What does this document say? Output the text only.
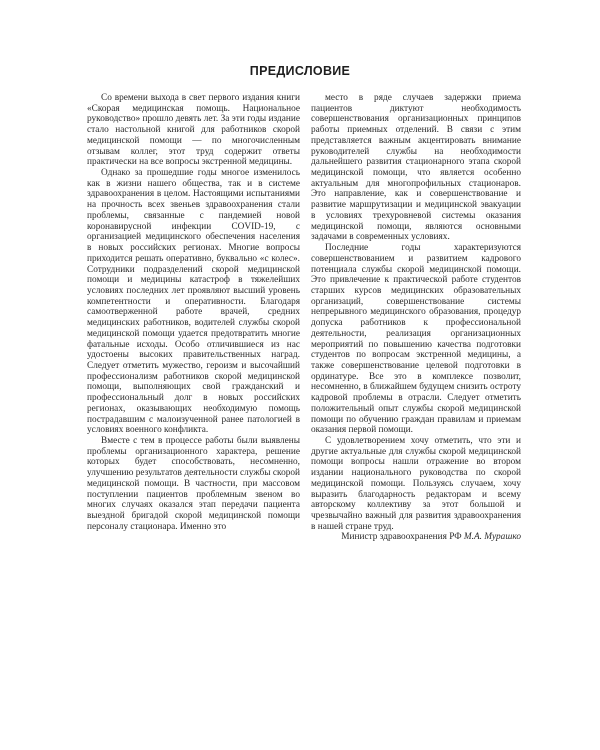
ПРЕДИСЛОВИЕ

Со времени выхода в свет первого издания книги «Скорая медицинская помощь. Национальное руководство» прошло девять лет. За эти годы издание стало настольной книгой для работников скорой медицинской помощи — по многочисленным отзывам коллег, этот труд содержит ответы практически на все вопросы экстренной медицины.

Однако за прошедшие годы многое изменилось как в жизни нашего общества, так и в системе здравоохранения в целом. Настоящими испытаниями на прочность всех звеньев здравоохранения стали проблемы, связанные с пандемией новой коронавирусной инфекции COVID-19, с организацией медицинского обеспечения населения в новых российских регионах. Многие вопросы приходится решать оперативно, буквально «с колес». Сотрудники подразделений скорой медицинской помощи и медицины катастроф в тяжелейших условиях последних лет проявляют высший уровень компетентности и оперативности. Благодаря самоотверженной работе врачей, средних медицинских работников, водителей службы скорой медицинской помощи удается предотвратить многие фатальные исходы. Особо отличившиеся из нас удостоены высоких правительственных наград. Следует отметить мужество, героизм и высочайший профессионализм работников скорой медицинской помощи, выполняющих свой гражданский и профессиональный долг в новых российских регионах, оказывающих необходимую помощь пострадавшим с малоизученной ранее патологией в условиях военного конфликта.

Вместе с тем в процессе работы были выявлены проблемы организационного характера, решение которых будет способствовать, несомненно, улучшению результатов деятельности службы скорой медицинской помощи. В частности, при массовом поступлении пациентов проблемным звеном во многих случаях оказался этап передачи пациента выездной бригадой скорой медицинской помощи персоналу стационара. Именно это

место в ряде случаев задержки приема пациентов диктуют необходимость совершенствования организационных принципов работы приемных отделений. В связи с этим представляется важным акцентировать внимание руководителей службы на необходимости дальнейшего развития стационарного этапа скорой медицинской помощи, что является особенно актуальным для многопрофильных стационаров. Это направление, как и совершенствование и развитие маршрутизации и медицинской эвакуации в условиях трехуровневой системы оказания медицинской помощи, являются основными задачами в современных условиях.

Последние годы характеризуются совершенствованием и развитием кадрового потенциала службы скорой медицинской помощи. Это привлечение к практической работе студентов старших курсов медицинских образовательных организаций, совершенствование системы непрерывного медицинского образования, процедур допуска работников к профессиональной деятельности, реализация организационных мероприятий по повышению качества подготовки студентов по вопросам экстренной медицины, а также совершенствование целевой подготовки в ординатуре. Все это в комплексе позволит, несомненно, в ближайшем будущем снизить остроту кадровой проблемы в отрасли. Следует отметить положительный опыт службы скорой медицинской помощи по обучению граждан правилам и приемам оказания первой помощи.

С удовлетворением хочу отметить, что эти и другие актуальные для службы скорой медицинской помощи вопросы нашли отражение во втором издании национального руководства по скорой медицинской помощи. Пользуясь случаем, хочу выразить благодарность редакторам и всему авторскому коллективу за этот большой и чрезвычайно важный для развития здравоохранения в нашей стране труд.

Министр здравоохранения РФ М.А. Мурашко
